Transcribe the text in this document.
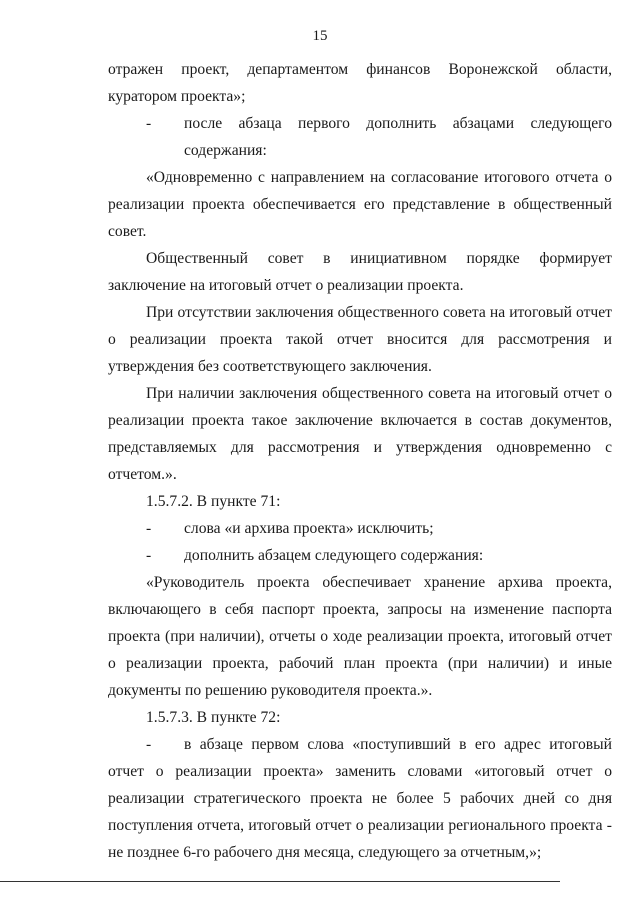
15

отражен проект, департаментом финансов Воронежской области, куратором проекта»;

-	после абзаца первого дополнить абзацами следующего содержания:

«Одновременно с направлением на согласование итогового отчета о реализации проекта обеспечивается его представление в общественный совет.

Общественный совет в инициативном порядке формирует заключение на итоговый отчет о реализации проекта.

При отсутствии заключения общественного совета на итоговый отчет о реализации проекта такой отчет вносится для рассмотрения и утверждения без соответствующего заключения.

При наличии заключения общественного совета на итоговый отчет о реализации проекта такое заключение включается в состав документов, представляемых для рассмотрения и утверждения одновременно с отчетом.».

1.5.7.2. В пункте 71:

-	слова «и архива проекта» исключить;
-	дополнить абзацем следующего содержания:

«Руководитель проекта обеспечивает хранение архива проекта, включающего в себя паспорт проекта, запросы на изменение паспорта проекта (при наличии), отчеты о ходе реализации проекта, итоговый отчет о реализации проекта, рабочий план проекта (при наличии) и иные документы по решению руководителя проекта.».

1.5.7.3. В пункте 72:

- в абзаце первом слова «поступивший в его адрес итоговый отчет о реализации проекта» заменить словами «итоговый отчет о реализации стратегического проекта не более 5 рабочих дней со дня поступления отчета, итоговый отчет о реализации регионального проекта - не позднее 6-го рабочего дня месяца, следующего за отчетным,»;
